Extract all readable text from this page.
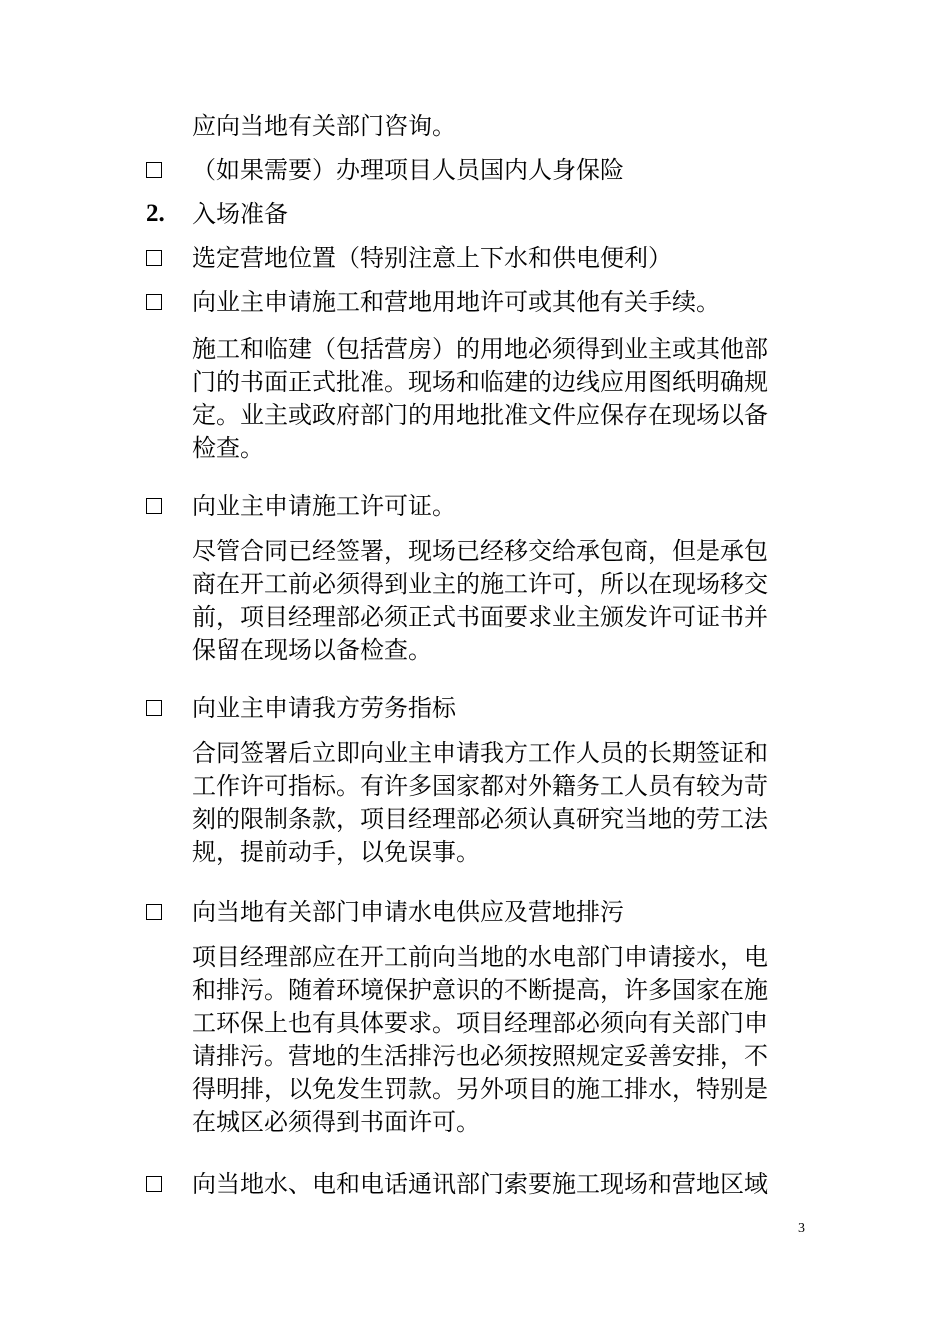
应向当地有关部门咨询。
（如果需要）办理项目人员国内人身保险
2. 入场准备
选定营地位置（特别注意上下水和供电便利）
向业主申请施工和营地用地许可或其他有关手续。
施工和临建（包括营房）的用地必须得到业主或其他部
门的书面正式批准。现场和临建的边线应用图纸明确规
定。业主或政府部门的用地批准文件应保存在现场以备
检查。
向业主申请施工许可证。
尽管合同已经签署，现场已经移交给承包商，但是承包
商在开工前必须得到业主的施工许可，所以在现场移交
前，项目经理部必须正式书面要求业主颁发许可证书并
保留在现场以备检查。
向业主申请我方劳务指标
合同签署后立即向业主申请我方工作人员的长期签证和
工作许可指标。有许多国家都对外籍务工人员有较为苛
刻的限制条款，项目经理部必须认真研究当地的劳工法
规，提前动手，以免误事。
向当地有关部门申请水电供应及营地排污
项目经理部应在开工前向当地的水电部门申请接水，电
和排污。随着环境保护意识的不断提高，许多国家在施
工环保上也有具体要求。项目经理部必须向有关部门申
请排污。营地的生活排污也必须按照规定妥善安排，不
得明排，以免发生罚款。另外项目的施工排水，特别是
在城区必须得到书面许可。
向当地水、电和电话通讯部门索要施工现场和营地区域
3
